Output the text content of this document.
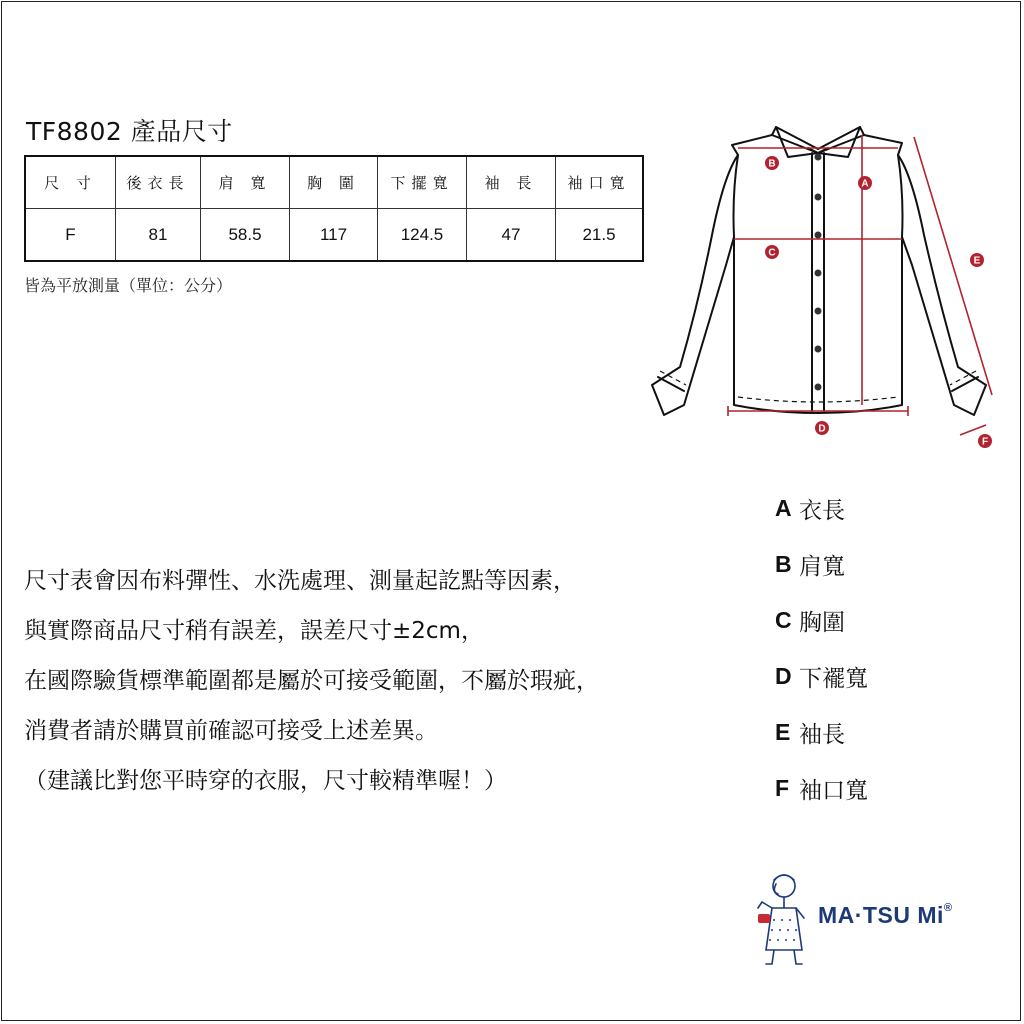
TF8802 產品尺寸
尺 寸	後衣長	肩 寬	胸 圍	下擺寬	袖 長	袖口寬
F	81	58.5	117	124.5	47	21.5
皆為平放測量（單位：公分）
B
A
C
D
E
F
A 衣長
B 肩寬
C 胸圍
D 下襬寬
E 袖長
F 袖口寬
尺寸表會因布料彈性、水洗處理、測量起訖點等因素，
與實際商品尺寸稍有誤差，誤差尺寸±2cm，
在國際驗貨標準範圍都是屬於可接受範圍，不屬於瑕疵，
消費者請於購買前確認可接受上述差異。
（建議比對您平時穿的衣服，尺寸較精準喔！）
MA·TSU Mi®
